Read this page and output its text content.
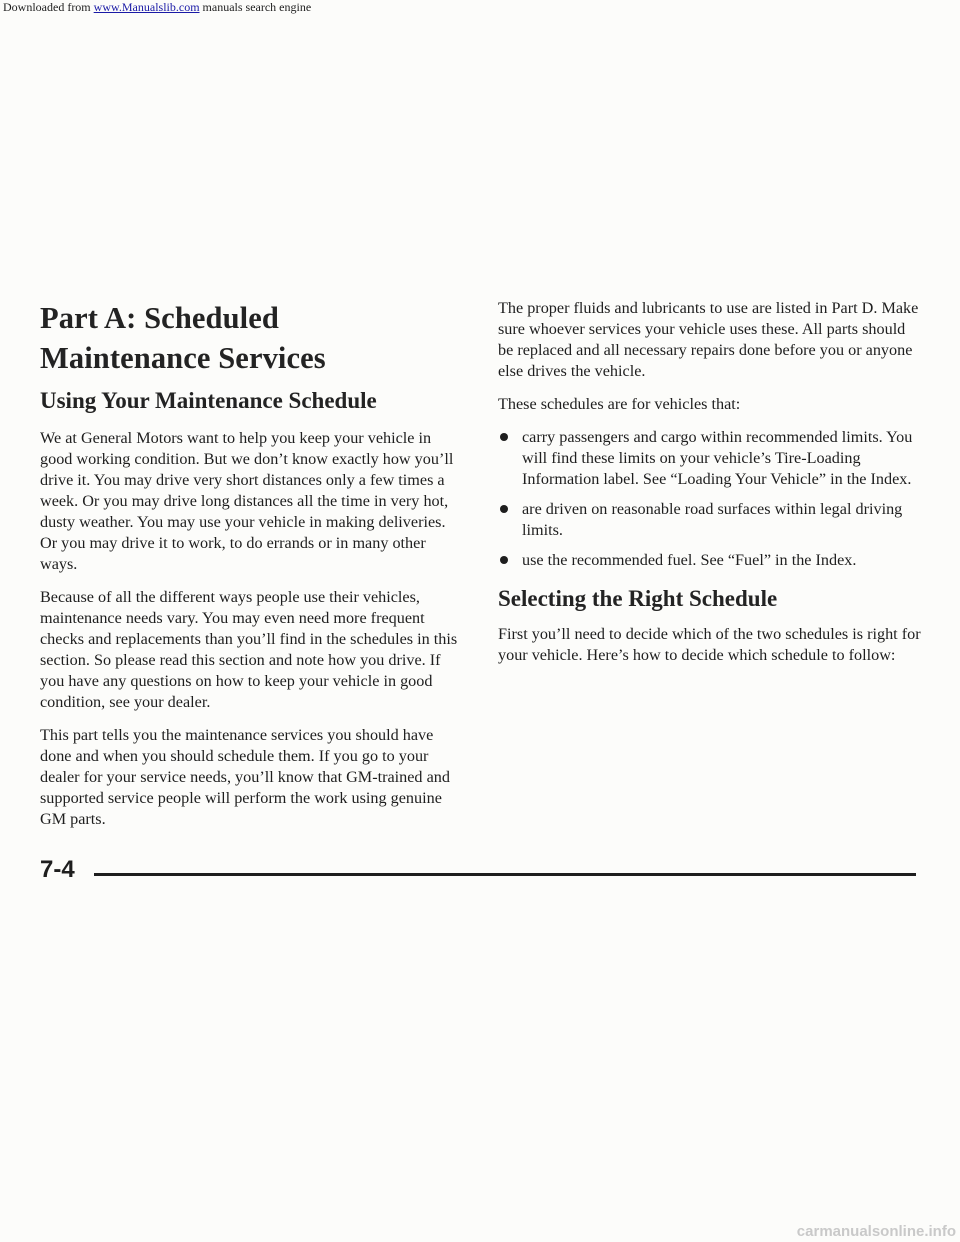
Downloaded from www.Manualslib.com manuals search engine
Part A: Scheduled
Maintenance Services
Using Your Maintenance Schedule

We at General Motors want to help you keep your vehicle in good working condition. But we don’t know exactly how you’ll drive it. You may drive very short distances only a few times a week. Or you may drive long distances all the time in very hot, dusty weather. You may use your vehicle in making deliveries. Or you may drive it to work, to do errands or in many other ways.

Because of all the different ways people use their vehicles, maintenance needs vary. You may even need more frequent checks and replacements than you’ll find in the schedules in this section. So please read this section and note how you drive. If you have any questions on how to keep your vehicle in good condition, see your dealer.

This part tells you the maintenance services you should have done and when you should schedule them. If you go to your dealer for your service needs, you’ll know that GM-trained and supported service people will perform the work using genuine GM parts.

The proper fluids and lubricants to use are listed in Part D. Make sure whoever services your vehicle uses these. All parts should be replaced and all necessary repairs done before you or anyone else drives the vehicle.

These schedules are for vehicles that:

carry passengers and cargo within recommended limits. You will find these limits on your vehicle’s Tire-Loading Information label. See “Loading Your Vehicle” in the Index.
are driven on reasonable road surfaces within legal driving limits.
use the recommended fuel. See “Fuel” in the Index.
Selecting the Right Schedule

First you’ll need to decide which of the two schedules is right for your vehicle. Here’s how to decide which schedule to follow:

7-4
carmanualsonline.info
